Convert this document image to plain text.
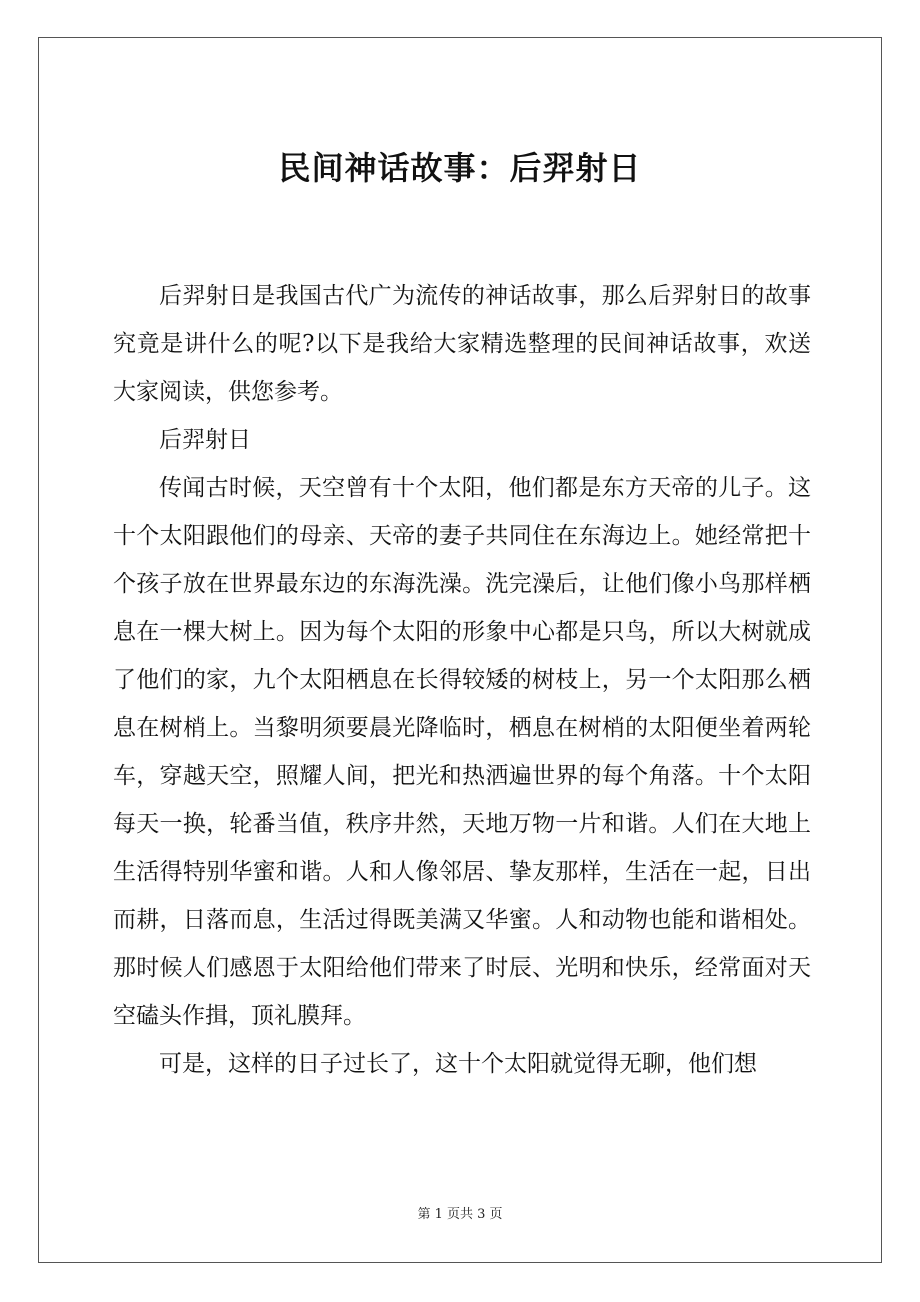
民间神话故事：后羿射日

后羿射日是我国古代广为流传的神话故事，那么后羿射日的故事究竟是讲什么的呢?以下是我给大家精选整理的民间神话故事，欢送大家阅读，供您参考。

后羿射日

传闻古时候，天空曾有十个太阳，他们都是东方天帝的儿子。这十个太阳跟他们的母亲、天帝的妻子共同住在东海边上。她经常把十个孩子放在世界最东边的东海洗澡。洗完澡后，让他们像小鸟那样栖息在一棵大树上。因为每个太阳的形象中心都是只鸟，所以大树就成了他们的家，九个太阳栖息在长得较矮的树枝上，另一个太阳那么栖息在树梢上。当黎明须要晨光降临时，栖息在树梢的太阳便坐着两轮车，穿越天空，照耀人间，把光和热洒遍世界的每个角落。十个太阳每天一换，轮番当值，秩序井然，天地万物一片和谐。人们在大地上生活得特别华蜜和谐。人和人像邻居、挚友那样，生活在一起，日出而耕，日落而息，生活过得既美满又华蜜。人和动物也能和谐相处。那时候人们感恩于太阳给他们带来了时辰、光明和快乐，经常面对天空磕头作揖，顶礼膜拜。

可是，这样的日子过长了，这十个太阳就觉得无聊，他们想

第 1 页共 3 页
